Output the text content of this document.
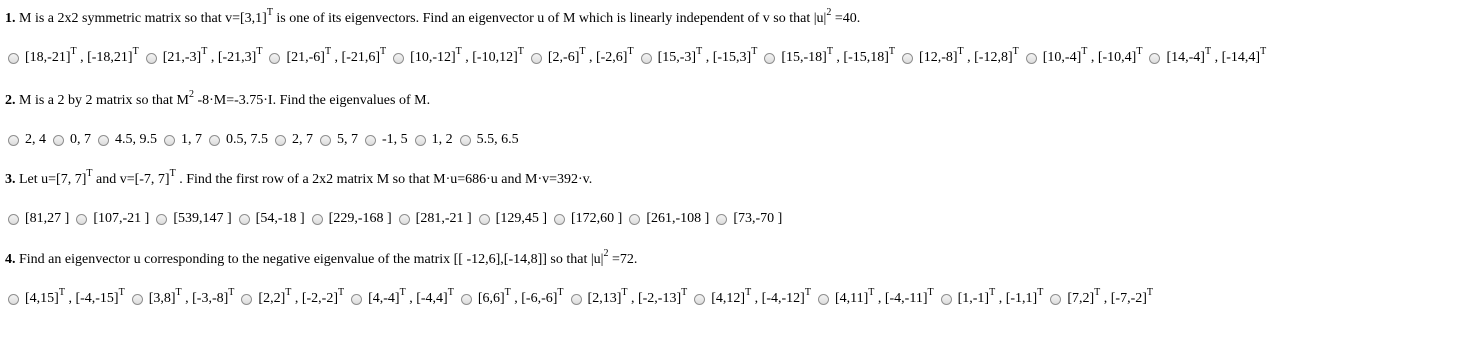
1. M is a 2x2 symmetric matrix so that $v=[3,1]^T$ is one of its eigenvectors. Find an eigenvector u of M which is linearly independent of v so that $|u|^2 =40$.
$[18,-21]^T$ , $[-18,21]^T$ $[21,-3]^T$ , $[-21,3]^T$ $[21,-6]^T$ , $[-21,6]^T$ $[10,-12]^T$ , $[-10,12]^T$ $[2,-6]^T$ , $[-2,6]^T$ $[15,-3]^T$ , $[-15,3]^T$ $[15,-18]^T$ , $[-15,18]^T$ $[12,-8]^T$ , $[-12,8]^T$ $[10,-4]^T$ , $[-10,4]^T$ $[14,-4]^T$ , $[-14,4]^T$
2. M is a 2 by 2 matrix so that $M^2$ -8·M=-3.75·I. Find the eigenvalues of M.
2, 4 0, 7 4.5, 9.5 1, 7 0.5, 7.5 2, 7 5, 7 -1, 5 1, 2 5.5, 6.5
3. Let u=[7, 7]$^T$ and v=[-7, 7]$^T$ . Find the first row of a 2x2 matrix M so that M·u=686·u and M·v=392·v.
[81,27 ] [107,-21 ] [539,147 ] [54,-18 ] [229,-168 ] [281,-21 ] [129,45 ] [172,60 ] [261,-108 ] [73,-70 ]
4. Find an eigenvector u corresponding to the negative eigenvalue of the matrix [[ -12,6],[-14,8]] so that $|u|^2 =72$.
$[4,15]^T$ , $[-4,-15]^T$ $[3,8]^T$ , $[-3,-8]^T$ $[2,2]^T$ , $[-2,-2]^T$ $[4,-4]^T$ , $[-4,4]^T$ $[6,6]^T$ , $[-6,-6]^T$ $[2,13]^T$ , $[-2,-13]^T$ $[4,12]^T$ , $[-4,-12]^T$ $[4,11]^T$ , $[-4,-11]^T$ $[1,-1]^T$ , $[-1,1]^T$ $[7,2]^T$ , $[-7,-2]^T$
